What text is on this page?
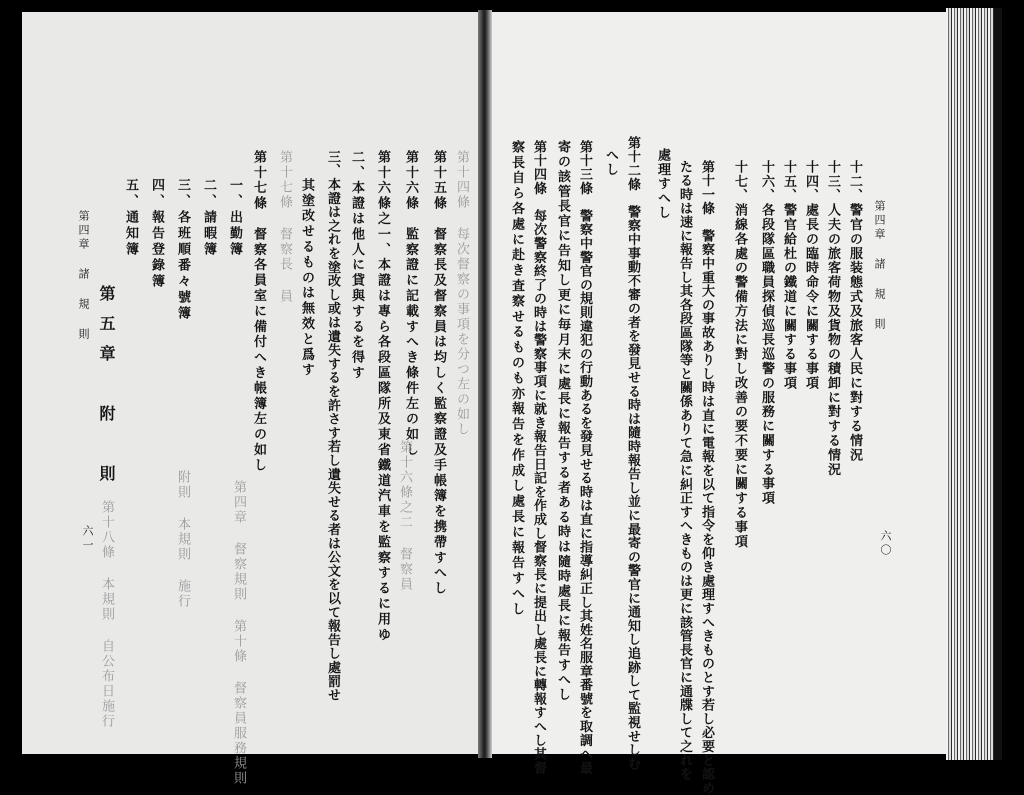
第四章 諸 規 則
六〇
十二、警官の服装態式及旅客人民に對する情況
十三、人夫の旅客荷物及貨物の積卸に對する情況
十四、處長の臨時命令に關する事項
十五、警官給杜の鐵道に關する事項
十六、各段隊區職員探偵巡長巡警の服務に關する事項
十七、消線各處の警備方法に對し改善の要不要に關する事項
第十一條　警察中重大の事故ありし時は直に電報を以て指令を仰き處理すへきものとす若し必要と認め
たる時は速に報告し其各段區隊等と關係ありて急に糾正すへきものは更に該管長官に通牒して之れを
處理すへし
第十二條　警察中事動不審の者を發見せる時は隨時報告し並に最寄の警官に通知し追跡して監視せしむ
へし
第十三條　警察中警官の規則違犯の行動あるを發見せる時は直に指導糾正し其姓名服章番號を取調へ最
寄の該管長官に告知し更に毎月末に處長に報告する者ある時は隨時處長に報告すへし
第十四條　每次警察終了の時は警察事項に就き報告日記を作成し督察長に提出し處長に轉報すへし其督
察長自ら各處に赴き査察せるものも亦報告を作成し處長に報告すへし
第十四條 每次督察の事項を分つ左の如し
第十五條　督察長及督察員は均しく監察證及手帳簿を携帶すへし
第十六條　監察證に記載すへき條件左の如し
第十六條之二 督察員
第十六條之一、本證は專ら各段區隊所及東省鐵道汽車を監察するに用ゆ
二、本證は他人に貸與するを得す
三、本證は之れを塗改し或は遺失するを許さす若し遺失せる者は公文を以て報告し處罰せ
其塗改せるものは無效と爲す
第十七條 督察長 員
第十七條　督察各員室に備付へき帳簿左の如し
一、出勤簿
二、請暇簿
三、各班順番々號簿
四、報告登錄簿
五、通知簿
第五章　附　則
第十八條 本規則 自公布日施行
第四章 諸 規 則
六一	附則 本規則 施行	第四章 督察規則 第十條 督察員服務規則
